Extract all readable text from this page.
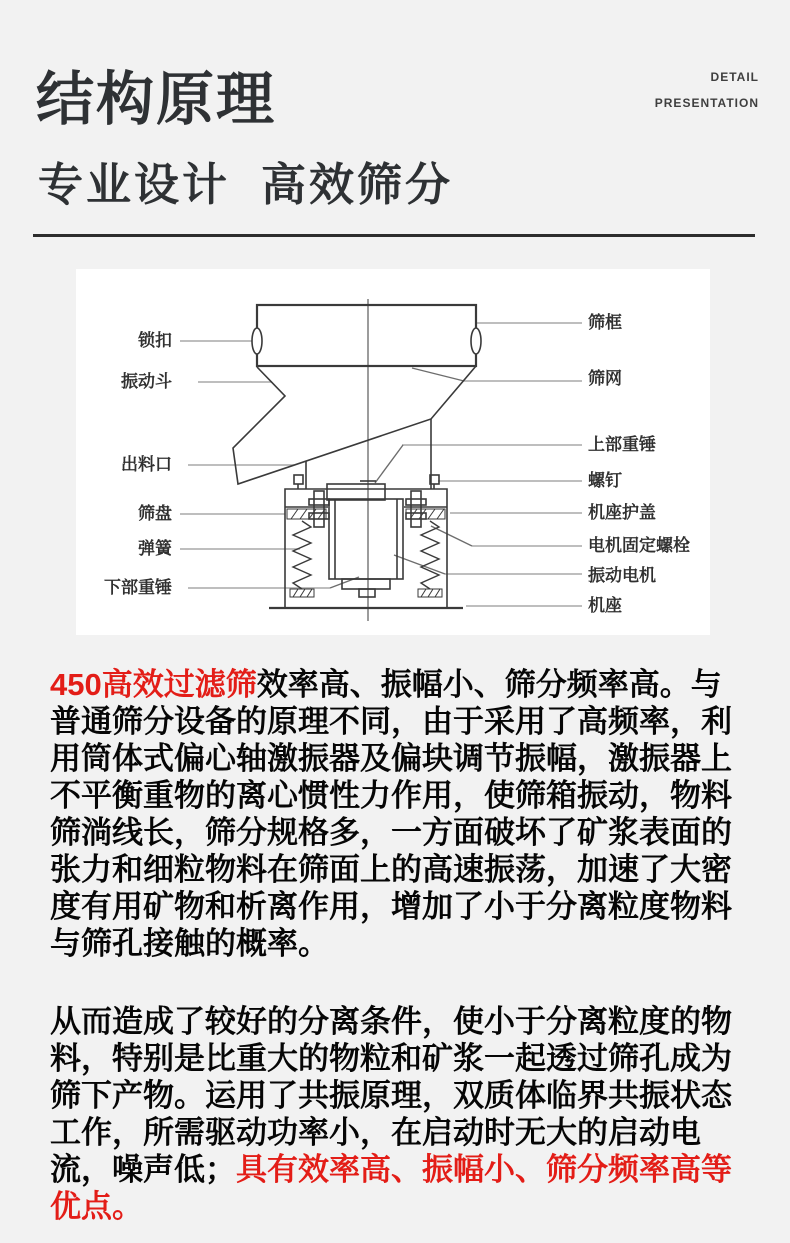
结构原理
专业设计  高效筛分
DETAIL
PRESENTATION
锁扣
振动斗
出料口
筛盘
弹簧
下部重锤
筛框
筛网
上部重锤
螺钉
机座护盖
电机固定螺栓
振动电机
机座
450高效过滤筛效率高、振幅小、筛分频率高。与普通筛分设备的原理不同，由于采用了高频率，利用筒体式偏心轴激振器及偏块调节振幅，激振器上不平衡重物的离心惯性力作用，使筛箱振动，物料筛淌线长，筛分规格多，一方面破坏了矿浆表面的张力和细粒物料在筛面上的高速振荡，加速了大密度有用矿物和析离作用，增加了小于分离粒度物料与筛孔接触的概率。
从而造成了较好的分离条件，使小于分离粒度的物料，特别是比重大的物粒和矿浆一起透过筛孔成为筛下产物。运用了共振原理，双质体临界共振状态工作，所需驱动功率小，在启动时无大的启动电流，噪声低；具有效率高、振幅小、筛分频率高等优点。
